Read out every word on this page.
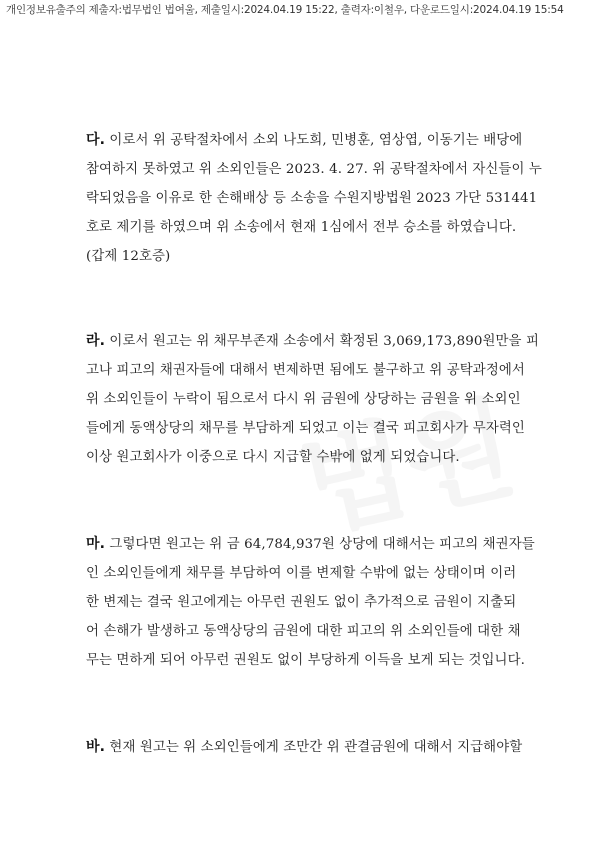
개인정보유출주의 제출자:법무법인 법여울, 제출일시:2024.04.19 15:22, 출력자:이철우, 다운로드일시:2024.04.19 15:54
다. 이로서 위 공탁절차에서 소외 나도희, 민병훈, 염상엽, 이동기는 배당에
참여하지 못하였고 위 소외인들은 2023. 4. 27. 위 공탁절차에서 자신들이 누
락되었음을 이유로 한 손해배상 등 소송을 수원지방법원 2023 가단 531441
호로 제기를 하였으며 위 소송에서 현재 1심에서 전부 승소를 하였습니다.
(갑제 12호증)
라. 이로서 원고는 위 채무부존재 소송에서 확정된 3,069,173,890원만을 피
고나 피고의 채권자들에 대해서 변제하면 됨에도 불구하고 위 공탁과정에서
위 소외인들이 누락이 됨으로서 다시 위 금원에 상당하는 금원을 위 소외인
들에게 동액상당의 채무를 부담하게 되었고 이는 결국 피고회사가 무자력인
이상 원고회사가 이중으로 다시 지급할 수밖에 없게 되었습니다.
마. 그렇다면 원고는 위 금 64,784,937원 상당에 대해서는 피고의 채권자들
인 소외인들에게 채무를 부담하여 이를 변제할 수밖에 없는 상태이며 이러
한 변제는 결국 원고에게는 아무런 권원도 없이 추가적으로 금원이 지출되
어 손해가 발생하고 동액상당의 금원에 대한 피고의 위 소외인들에 대한 채
무는 면하게 되어 아무런 권원도 없이 부당하게 이득을 보게 되는 것입니다.
바. 현재 원고는 위 소외인들에게 조만간 위 관결금원에 대해서 지급해야할
